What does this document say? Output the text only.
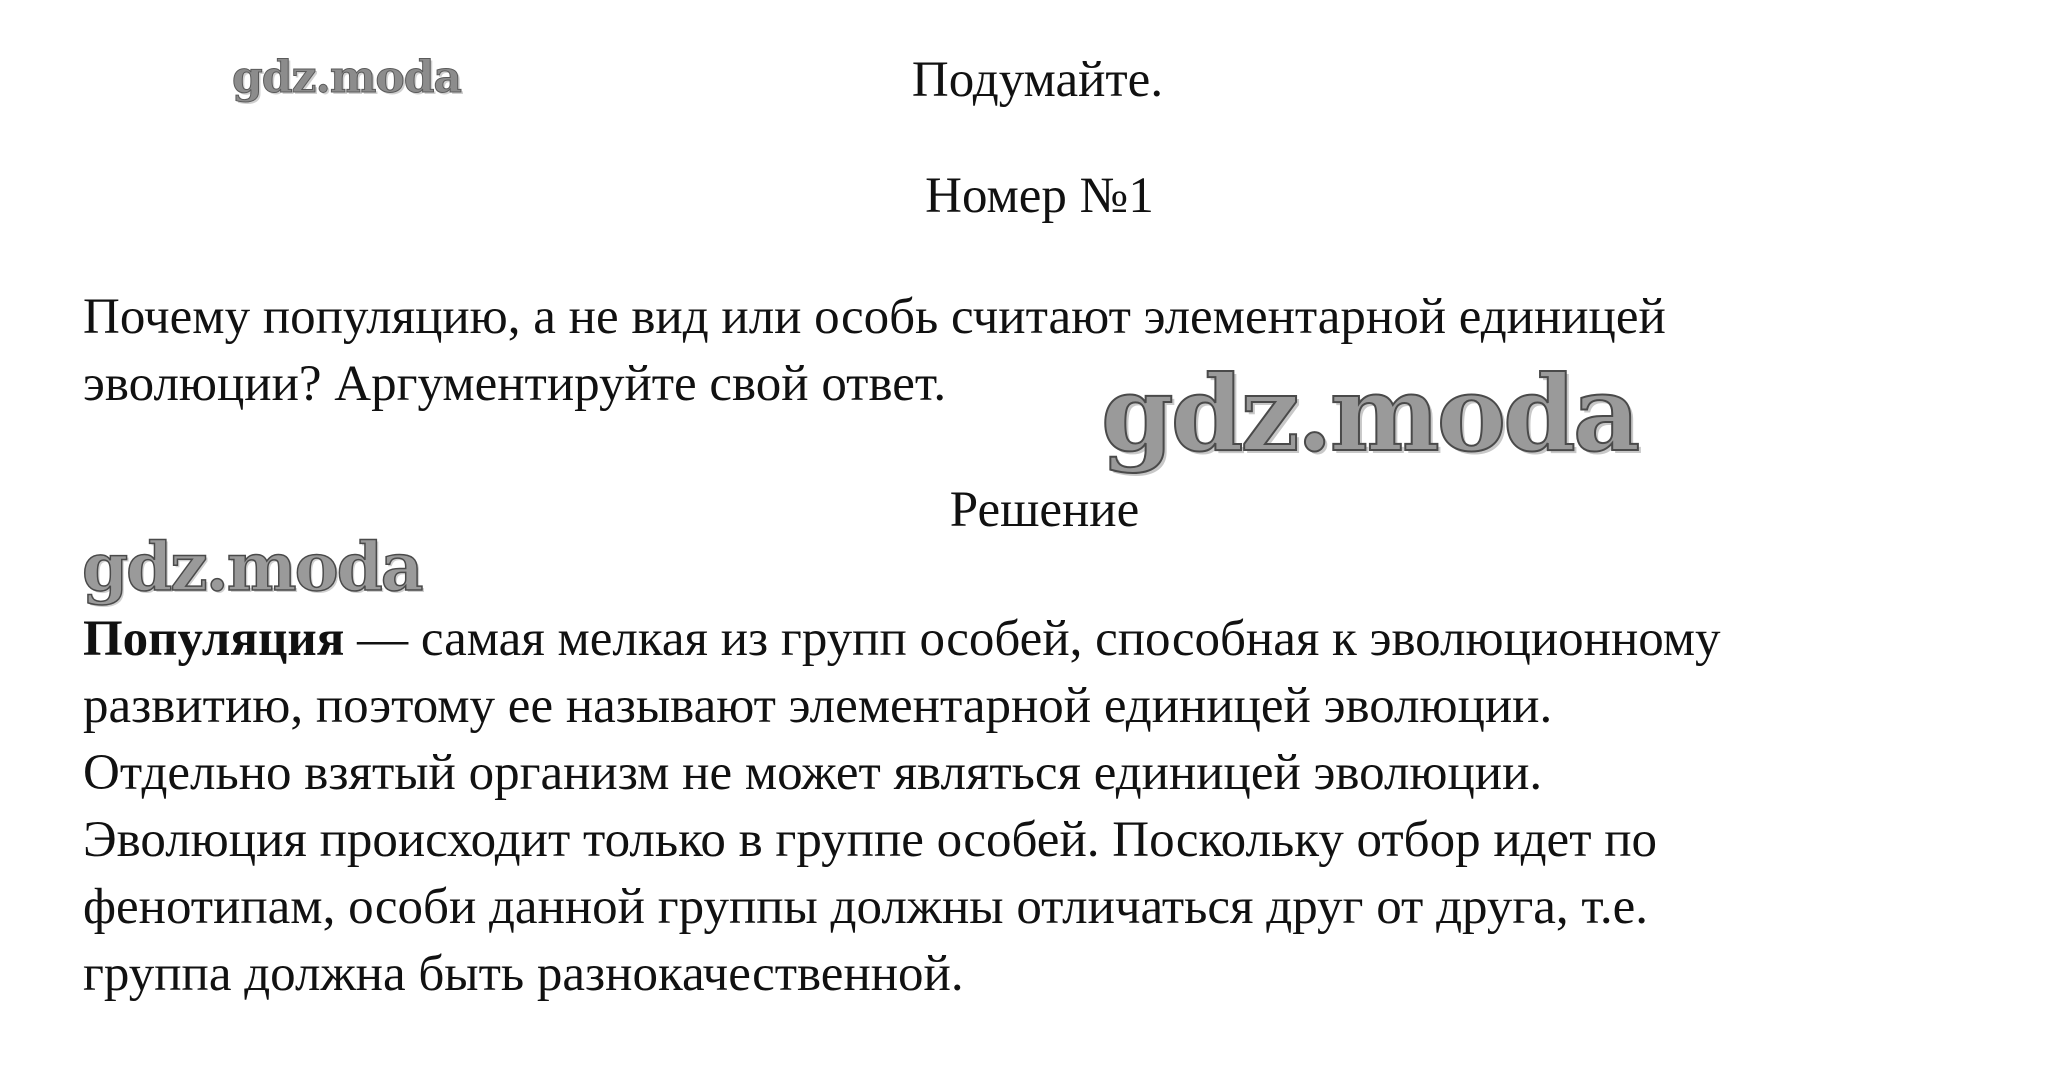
gdz.moda	Подумайте.
Номер №1
Почему популяцию, а не вид или особь считают элементарной единицей
эволюции? Аргументируйте свой ответ.	gdz.moda
Решение
gdz.moda
Популяция — самая мелкая из групп особей, способная к эволюционному
развитию, поэтому ее называют элементарной единицей эволюции.
Отдельно взятый организм не может являться единицей эволюции.
Эволюция происходит только в группе особей. Поскольку отбор идет по
фенотипам, особи данной группы должны отличаться друг от друга, т.е.
группа должна быть разнокачественной.
